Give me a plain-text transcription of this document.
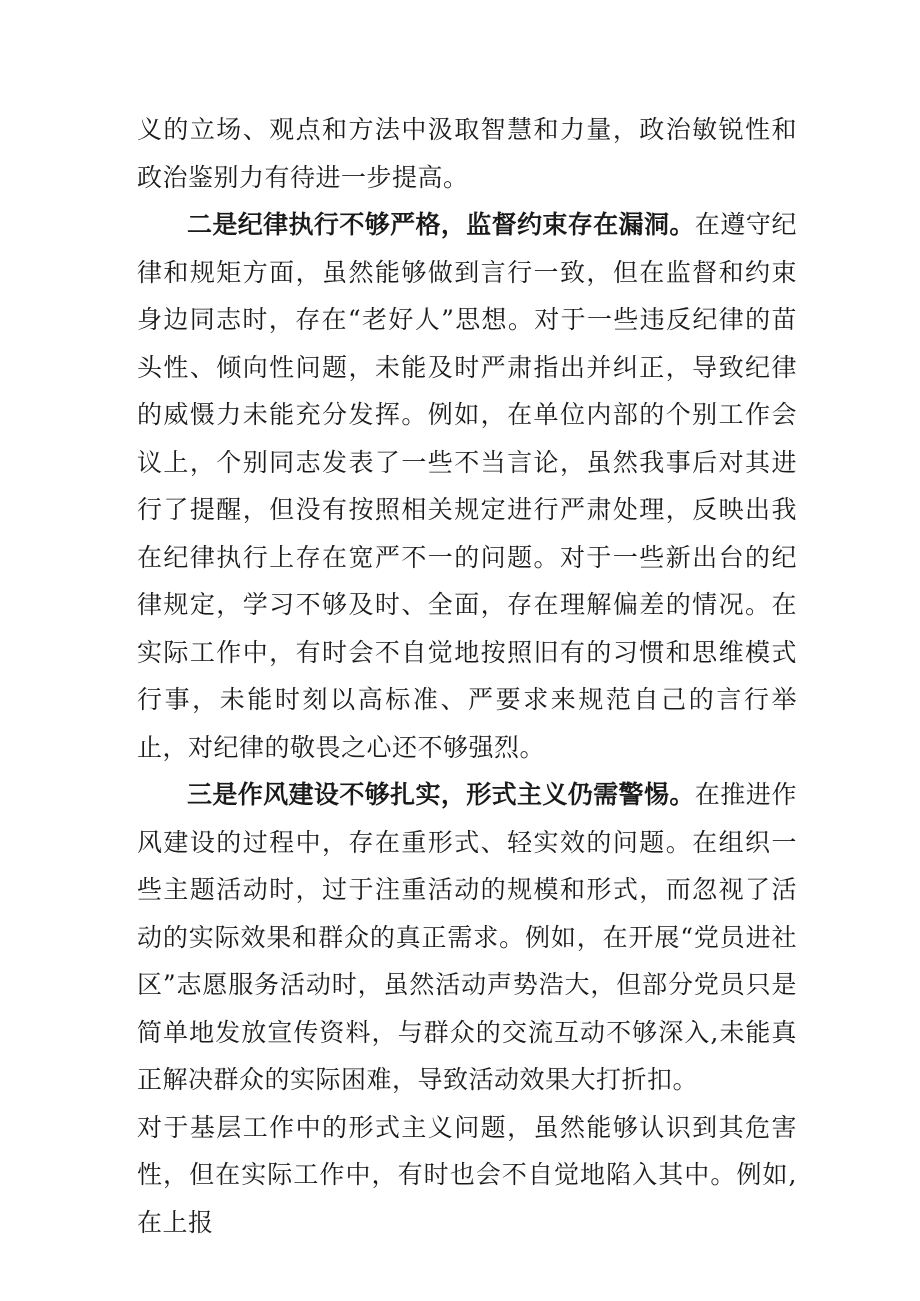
义的立场、观点和方法中汲取智慧和力量，政治敏锐性和政治鉴别力有待进一步提高。

二是纪律执行不够严格，监督约束存在漏洞。在遵守纪律和规矩方面，虽然能够做到言行一致，但在监督和约束身边同志时，存在“老好人”思想。对于一些违反纪律的苗头性、倾向性问题，未能及时严肃指出并纠正，导致纪律的威慑力未能充分发挥。例如，在单位内部的个别工作会议上，个别同志发表了一些不当言论，虽然我事后对其进行了提醒，但没有按照相关规定进行严肃处理，反映出我在纪律执行上存在宽严不一的问题。对于一些新出台的纪律规定，学习不够及时、全面，存在理解偏差的情况。在实际工作中，有时会不自觉地按照旧有的习惯和思维模式行事，未能时刻以高标准、严要求来规范自己的言行举止，对纪律的敬畏之心还不够强烈。

三是作风建设不够扎实，形式主义仍需警惕。在推进作风建设的过程中，存在重形式、轻实效的问题。在组织一些主题活动时，过于注重活动的规模和形式，而忽视了活动的实际效果和群众的真正需求。例如，在开展“党员进社区”志愿服务活动时，虽然活动声势浩大，但部分党员只是简单地发放宣传资料，与群众的交流互动不够深入,未能真正解决群众的实际困难，导致活动效果大打折扣。

对于基层工作中的形式主义问题，虽然能够认识到其危害性，但在实际工作中，有时也会不自觉地陷入其中。例如,在上报
